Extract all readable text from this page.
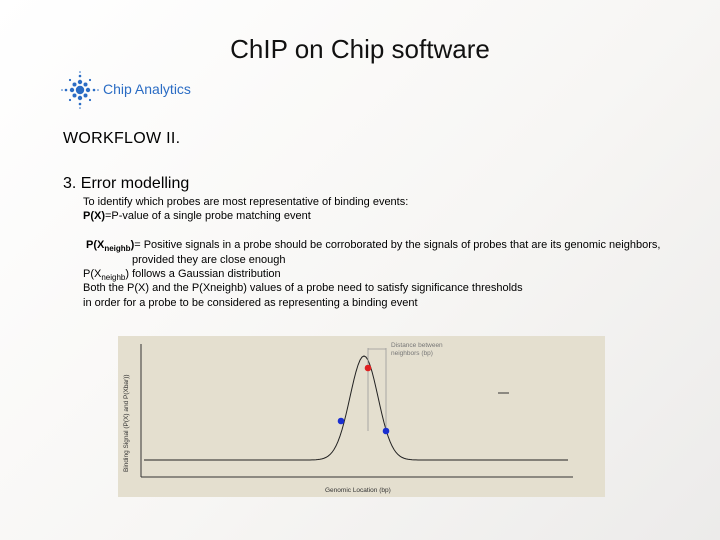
ChIP on Chip software
Chip Analytics
WORKFLOW II.
3. Error modelling
To identify which probes are most representative of binding events:
P(X)=P-value of a single probe matching event
$P(X_{neighb})=$ Positive signals in a probe should be corroborated by the signals of probes that are its genomic neighbors,
provided they are close enough
$P(X_{neighb})$ follows a Gaussian distribution
Both the P(X) and the P(Xneighb) values of a probe need to satisfy significance thresholds
in order for a probe to be considered as representing a binding event
Binding Signal (P(X) and P(Xbar))
Genomic Location (bp)
Distance between
neighbors (bp)
